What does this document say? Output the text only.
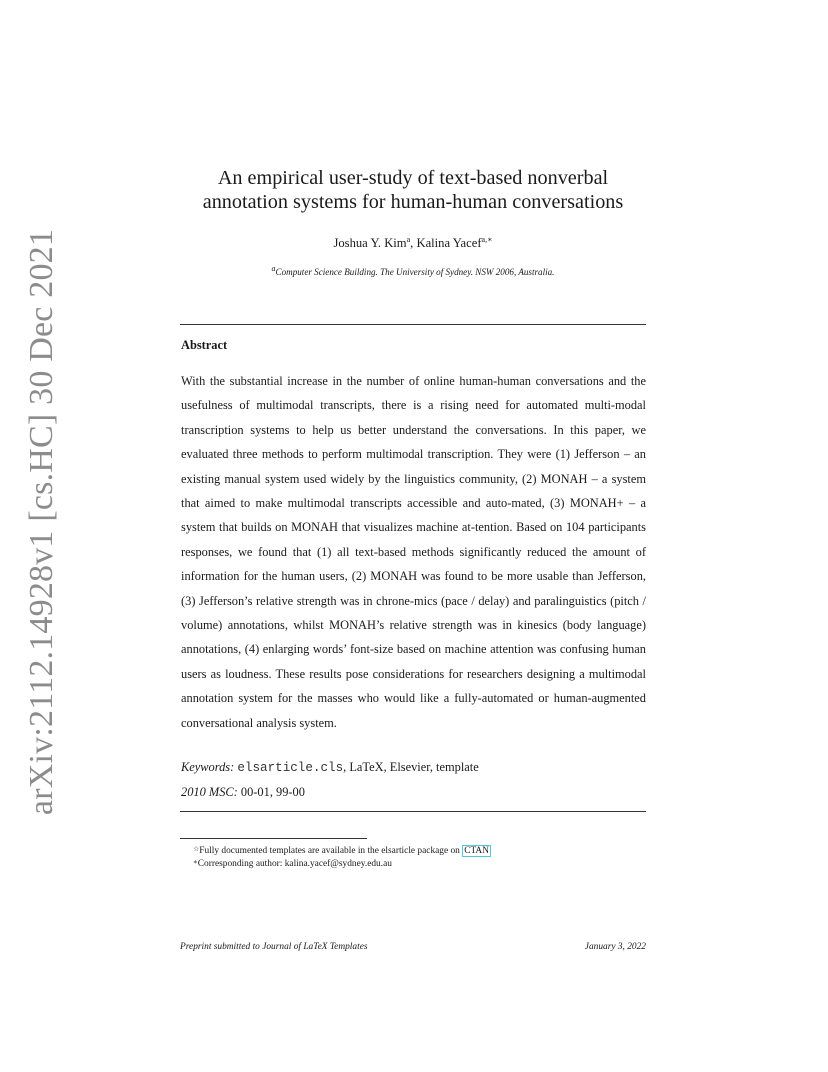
arXiv:2112.14928v1 [cs.HC] 30 Dec 2021
An empirical user-study of text-based nonverbal annotation systems for human-human conversations
Joshua Y. Kim$^a$, Kalina Yacef$^{a,∗}$
$^a$Computer Science Building. The University of Sydney. NSW 2006, Australia.
Abstract
With the substantial increase in the number of online human-human conversations and the usefulness of multimodal transcripts, there is a rising need for automated multi-modal transcription systems to help us better understand the conversations. In this paper, we evaluated three methods to perform multimodal transcription. They were (1) Jefferson – an existing manual system used widely by the linguistics community, (2) MONAH – a system that aimed to make multimodal transcripts accessible and auto-mated, (3) MONAH+ – a system that builds on MONAH that visualizes machine at-tention. Based on 104 participants responses, we found that (1) all text-based methods significantly reduced the amount of information for the human users, (2) MONAH was found to be more usable than Jefferson, (3) Jefferson’s relative strength was in chrone-mics (pace / delay) and paralinguistics (pitch / volume) annotations, whilst MONAH’s relative strength was in kinesics (body language) annotations, (4) enlarging words’ font-size based on machine attention was confusing human users as loudness. These results pose considerations for researchers designing a multimodal annotation system for the masses who would like a fully-automated or human-augmented conversational analysis system.
Keywords: elsarticle.cls, LaTeX, Elsevier, template
2010 MSC: 00-01, 99-00
☆Fully documented templates are available in the elsarticle package on CTAN
∗Corresponding author: kalina.yacef@sydney.edu.au
Preprint submitted to Journal of LaTeX Templates	January 3, 2022
